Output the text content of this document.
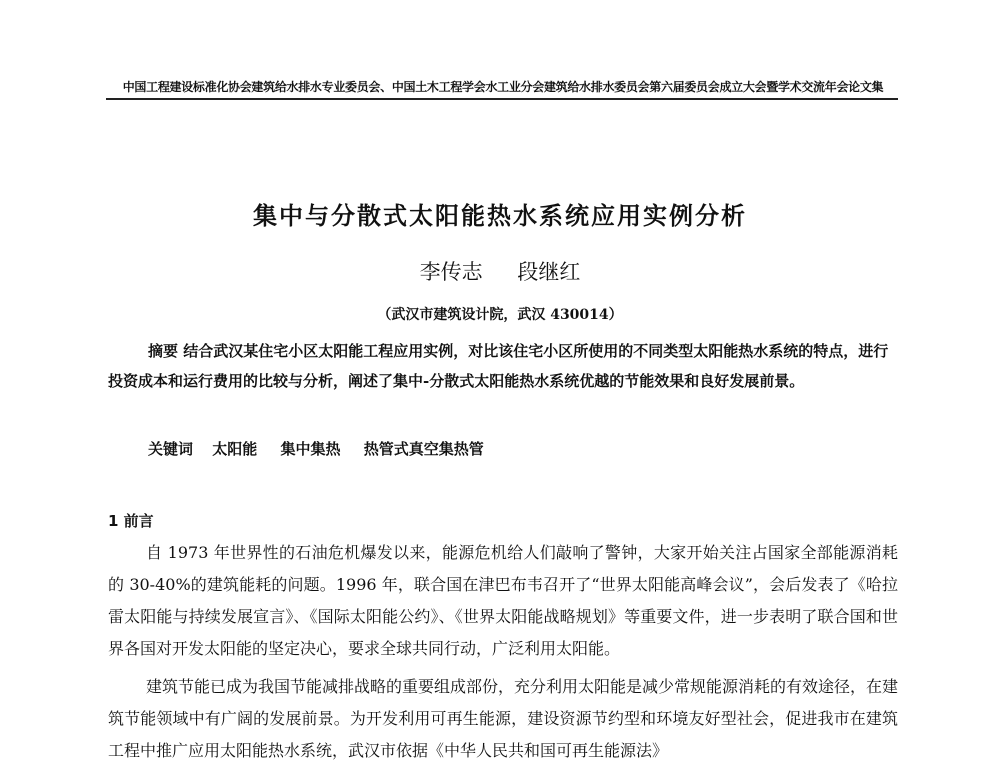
中国工程建设标准化协会建筑给水排水专业委员会、中国土木工程学会水工业分会建筑给水排水委员会第六届委员会成立大会暨学术交流年会论文集
集中与分散式太阳能热水系统应用实例分析
李传志 段继红
（武汉市建筑设计院，武汉 430014）
摘要 结合武汉某住宅小区太阳能工程应用实例，对比该住宅小区所使用的不同类型太阳能热水系统的特点，进行投资成本和运行费用的比较与分析，阐述了集中-分散式太阳能热水系统优越的节能效果和良好发展前景。
关键词 太阳能 集中集热 热管式真空集热管
1 前言
自 1973 年世界性的石油危机爆发以来，能源危机给人们敲响了警钟，大家开始关注占国家全部能源消耗的 30-40%的建筑能耗的问题。1996 年，联合国在津巴布韦召开了“世界太阳能高峰会议”，会后发表了《哈拉雷太阳能与持续发展宣言》、《国际太阳能公约》、《世界太阳能战略规划》等重要文件，进一步表明了联合国和世界各国对开发太阳能的坚定决心，要求全球共同行动，广泛利用太阳能。
建筑节能已成为我国节能减排战略的重要组成部份，充分利用太阳能是减少常规能源消耗的有效途径，在建筑节能领域中有广阔的发展前景。为开发利用可再生能源，建设资源节约型和环境友好型社会，促进我市在建筑工程中推广应用太阳能热水系统，武汉市依据《中华人民共和国可再生能源法》
